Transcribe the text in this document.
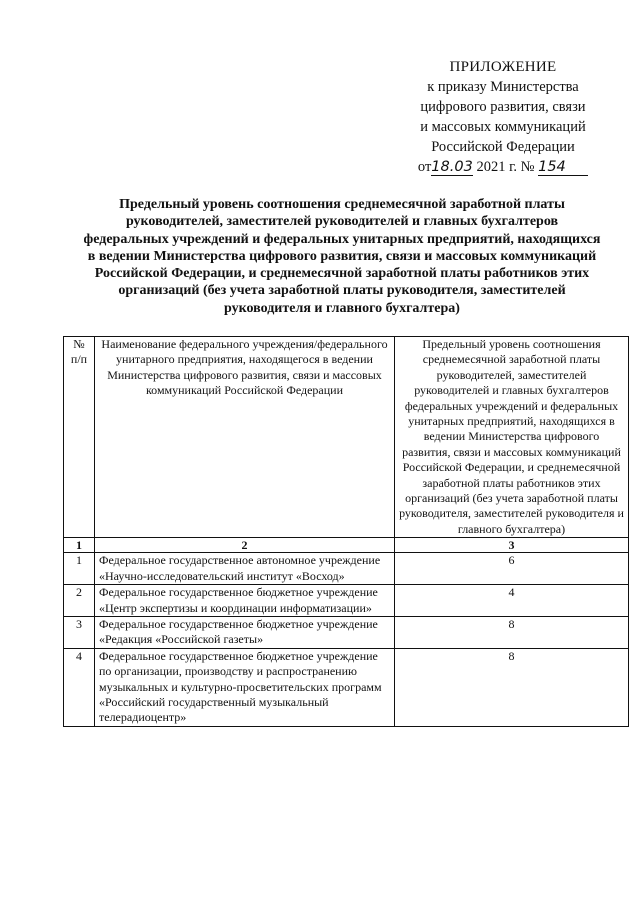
ПРИЛОЖЕНИЕ
к приказу Министерства
цифрового развития, связи
и массовых коммуникаций
Российской Федерации
от18.03 2021 г. № 154
Предельный уровень соотношения среднемесячной заработной платы руководителей, заместителей руководителей и главных бухгалтеров федеральных учреждений и федеральных унитарных предприятий, находящихся в ведении Министерства цифрового развития, связи и массовых коммуникаций Российской Федерации, и среднемесячной заработной платы работников этих организаций (без учета заработной платы руководителя, заместителей руководителя и главного бухгалтера)
№ п/п	Наименование федерального учреждения/федерального унитарного предприятия, находящегося в ведении Министерства цифрового развития, связи и массовых коммуникаций Российской Федерации	Предельный уровень соотношения среднемесячной заработной платы руководителей, заместителей руководителей и главных бухгалтеров федеральных учреждений и федеральных унитарных предприятий, находящихся в ведении Министерства цифрового развития, связи и массовых коммуникаций Российской Федерации, и среднемесячной заработной платы работников этих организаций (без учета заработной платы руководителя, заместителей руководителя и главного бухгалтера)
1	2	3
1	Федеральное государственное автономное учреждение «Научно-исследовательский институт «Восход»	6
2	Федеральное государственное бюджетное учреждение «Центр экспертизы и координации информатизации»	4
3	Федеральное государственное бюджетное учреждение «Редакция «Российской газеты»	8
4	Федеральное государственное бюджетное учреждение по организации, производству и распространению музыкальных и культурно-просветительских программ «Российский государственный музыкальный телерадиоцентр»	8
